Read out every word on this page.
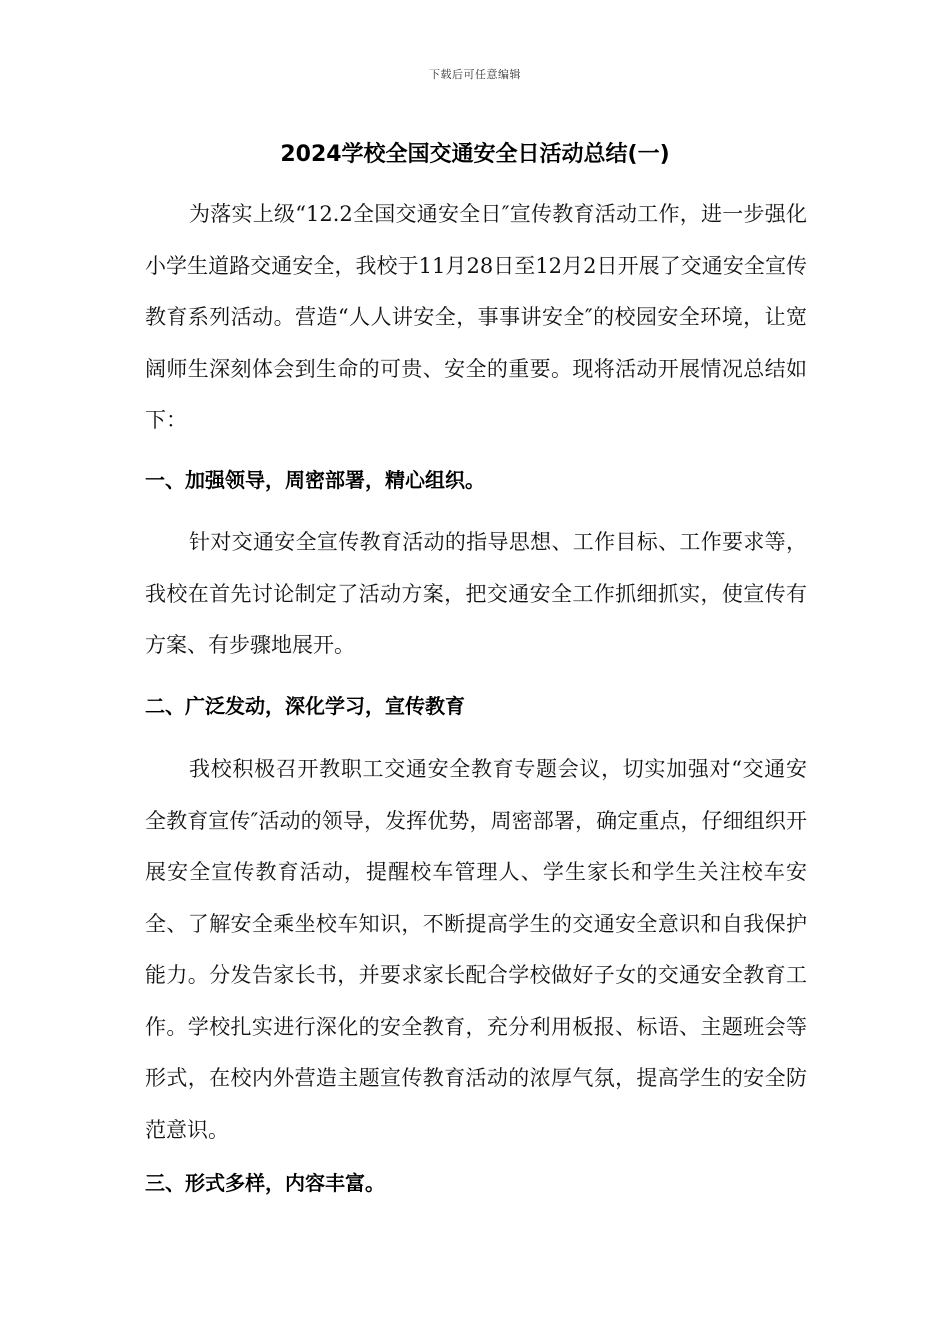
下载后可任意编辑
2024学校全国交通安全日活动总结(一)

为落实上级“12.2全国交通安全日″宣传教育活动工作，进一步强化小学生道路交通安全，我校于11月28日至12月2日开展了交通安全宣传教育系列活动。营造“人人讲安全，事事讲安全″的校园安全环境，让宽阔师生深刻体会到生命的可贵、安全的重要。现将活动开展情况总结如下：

一、加强领导，周密部署，精心组织。

针对交通安全宣传教育活动的指导思想、工作目标、工作要求等，我校在首先讨论制定了活动方案，把交通安全工作抓细抓实，使宣传有方案、有步骤地展开。

二、广泛发动，深化学习，宣传教育

我校积极召开教职工交通安全教育专题会议，切实加强对“交通安全教育宣传″活动的领导，发挥优势，周密部署，确定重点，仔细组织开展安全宣传教育活动，提醒校车管理人、学生家长和学生关注校车安全、了解安全乘坐校车知识，不断提高学生的交通安全意识和自我保护能力。分发告家长书，并要求家长配合学校做好子女的交通安全教育工作。学校扎实进行深化的安全教育，充分利用板报、标语、主题班会等形式，在校内外营造主题宣传教育活动的浓厚气氛，提高学生的安全防范意识。

三、形式多样，内容丰富。
